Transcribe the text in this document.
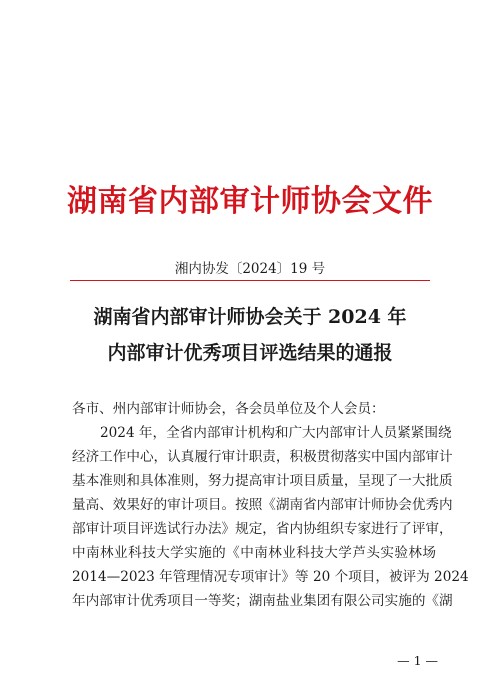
湖南省内部审计师协会文件
湘内协发〔2024〕19 号
湖南省内部审计师协会关于 2024 年
内部审计优秀项目评选结果的通报
各市、州内部审计师协会，各会员单位及个人会员：
2024 年，全省内部审计机构和广大内部审计人员紧紧围绕
经济工作中心，认真履行审计职责，积极贯彻落实中国内部审计
基本准则和具体准则，努力提高审计项目质量，呈现了一大批质
量高、效果好的审计项目。按照《湖南省内部审计师协会优秀内
部审计项目评选试行办法》规定，省内协组织专家进行了评审，
中南林业科技大学实施的《中南林业科技大学芦头实验林场
2014—2023 年管理情况专项审计》等 20 个项目，被评为 2024
年内部审计优秀项目一等奖；湖南盐业集团有限公司实施的《湖
— 1 —
